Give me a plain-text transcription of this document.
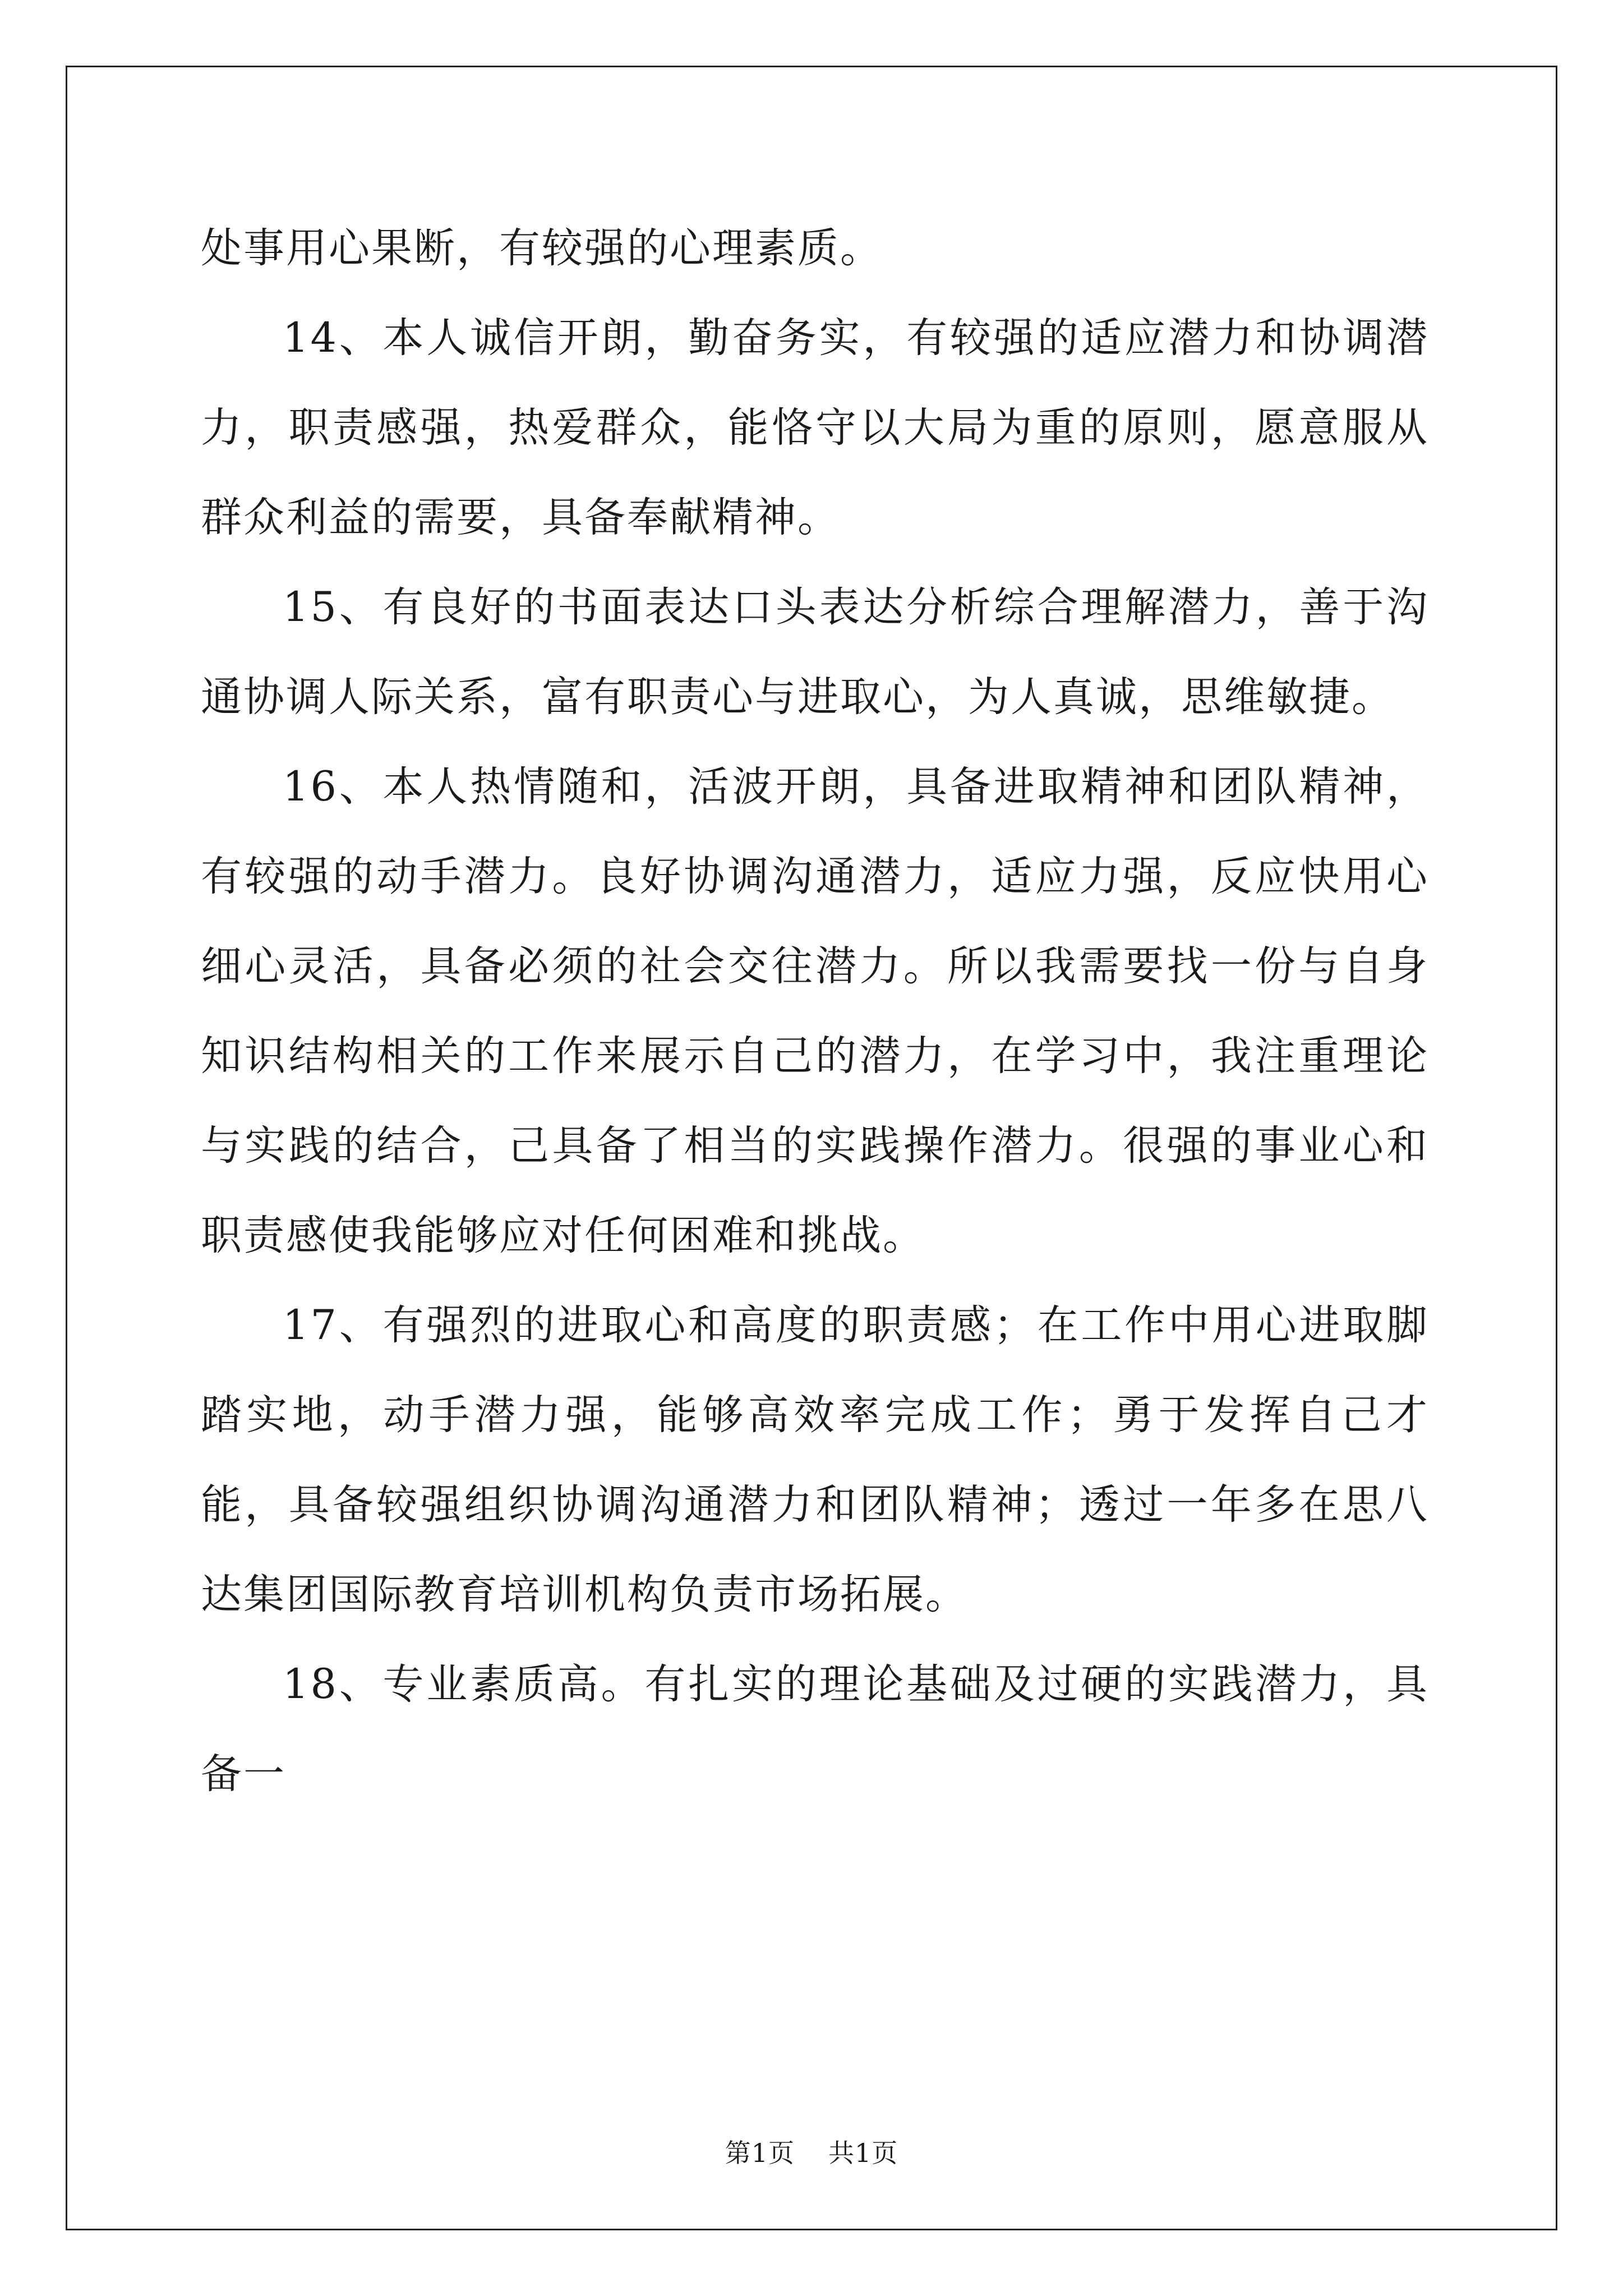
处事用心果断，有较强的心理素质。

14、本人诚信开朗，勤奋务实，有较强的适应潜力和协调潜力，职责感强，热爱群众，能恪守以大局为重的原则，愿意服从群众利益的需要，具备奉献精神。

15、有良好的书面表达口头表达分析综合理解潜力，善于沟通协调人际关系，富有职责心与进取心，为人真诚，思维敏捷。

16、本人热情随和，活波开朗，具备进取精神和团队精神，有较强的动手潜力。良好协调沟通潜力，适应力强，反应快用心细心灵活，具备必须的社会交往潜力。所以我需要找一份与自身知识结构相关的工作来展示自己的潜力，在学习中，我注重理论与实践的结合，己具备了相当的实践操作潜力。很强的事业心和职责感使我能够应对任何困难和挑战。

17、有强烈的进取心和高度的职责感；在工作中用心进取脚踏实地，动手潜力强，能够高效率完成工作；勇于发挥自己才能，具备较强组织协调沟通潜力和团队精神；透过一年多在思八达集团国际教育培训机构负责市场拓展。

18、专业素质高。有扎实的理论基础及过硬的实践潜力，具备一

第1页 共1页
